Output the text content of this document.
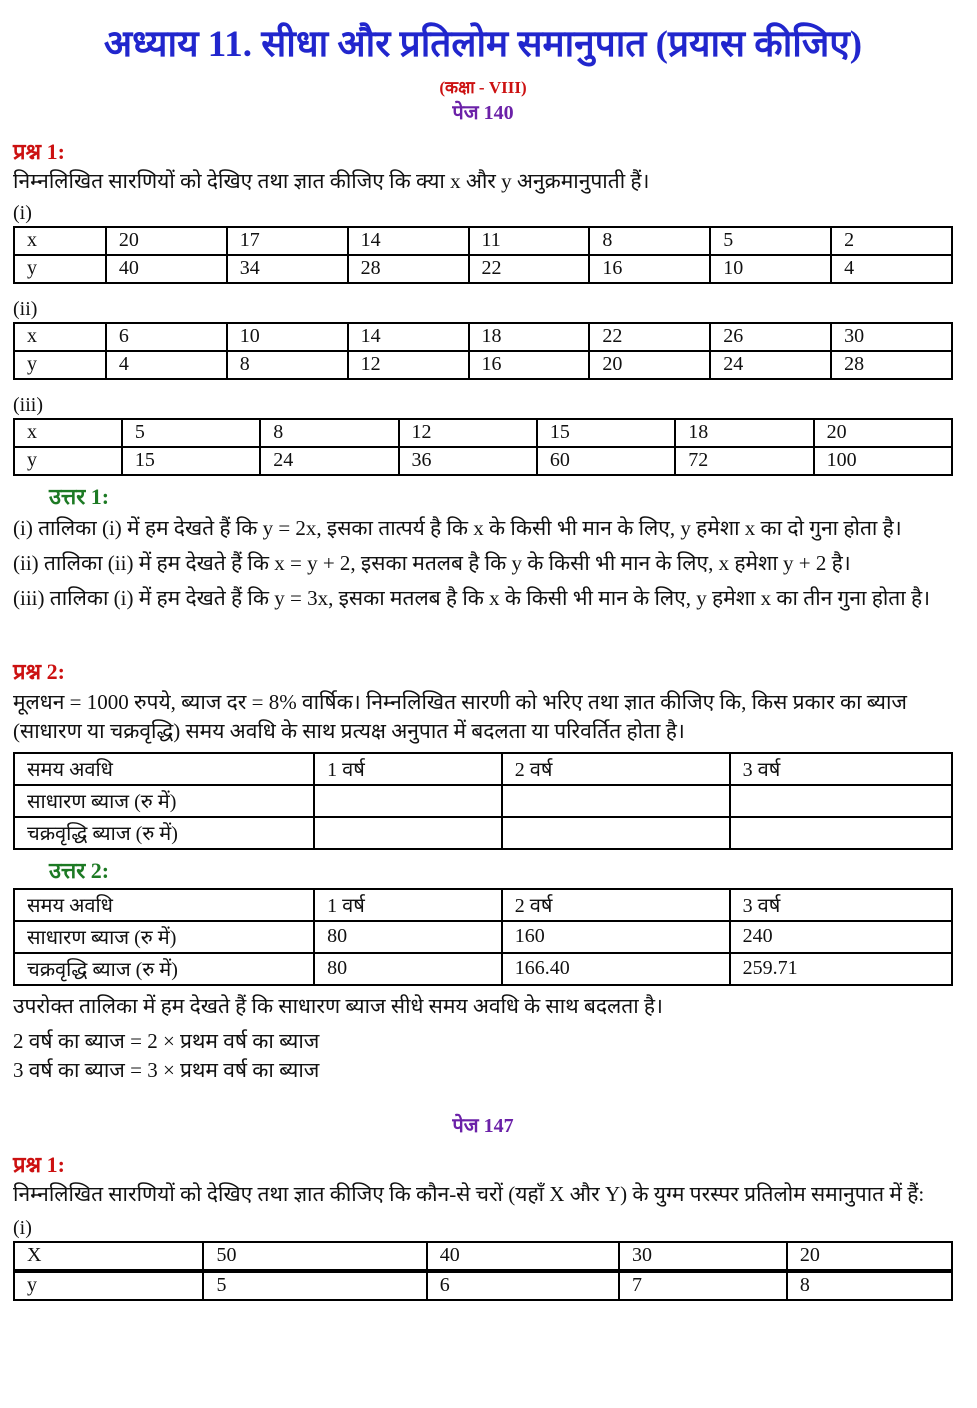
अध्याय 11. सीधा और प्रतिलोम समानुपात (प्रयास कीजिए)

(कक्षा - VIII)

पेज 140

प्रश्न 1:

निम्नलिखित सारणियों को देखिए तथा ज्ञात कीजिए कि क्या x और y अनुक्रमानुपाती हैं।

(i)

x	20	17	14	11	8	5	2
y	40	34	28	22	16	10	4

(ii)

x	6	10	14	18	22	26	30
y	4	8	12	16	20	24	28

(iii)

x	5	8	12	15	18	20
y	15	24	36	60	72	100
उत्तर 1:

(i) तालिका (i) में हम देखते हैं कि y = 2x, इसका तात्पर्य है कि x के किसी भी मान के लिए, y हमेशा x का दो गुना होता है।

(ii) तालिका (ii) में हम देखते हैं कि x = y + 2, इसका मतलब है कि y के किसी भी मान के लिए, x हमेशा y + 2 है।

(iii) तालिका (i) में हम देखते हैं कि y = 3x, इसका मतलब है कि x के किसी भी मान के लिए, y हमेशा x का तीन गुना होता है।

प्रश्न 2:

मूलधन = 1000 रुपये, ब्याज दर = 8% वार्षिक। निम्नलिखित सारणी को भरिए तथा ज्ञात कीजिए कि, किस प्रकार का ब्याज (साधारण या चक्रवृद्धि) समय अवधि के साथ प्रत्यक्ष अनुपात में बदलता या परिवर्तित होता है।

समय अवधि	1 वर्ष	2 वर्ष	3 वर्ष
साधारण ब्याज (रु में)			
चक्रवृद्धि ब्याज (रु में)			
उत्तर 2:
समय अवधि	1 वर्ष	2 वर्ष	3 वर्ष
साधारण ब्याज (रु में)	80	160	240
चक्रवृद्धि ब्याज (रु में)	80	166.40	259.71

उपरोक्त तालिका में हम देखते हैं कि साधारण ब्याज सीधे समय अवधि के साथ बदलता है।

2 वर्ष का ब्याज = 2 × प्रथम वर्ष का ब्याज

3 वर्ष का ब्याज = 3 × प्रथम वर्ष का ब्याज

पेज 147

प्रश्न 1:

निम्नलिखित सारणियों को देखिए तथा ज्ञात कीजिए कि कौन-से चरों (यहाँ X और Y) के युग्म परस्पर प्रतिलोम समानुपात में हैं:

(i)

X	50	40	30	20
y	5	6	7	8
